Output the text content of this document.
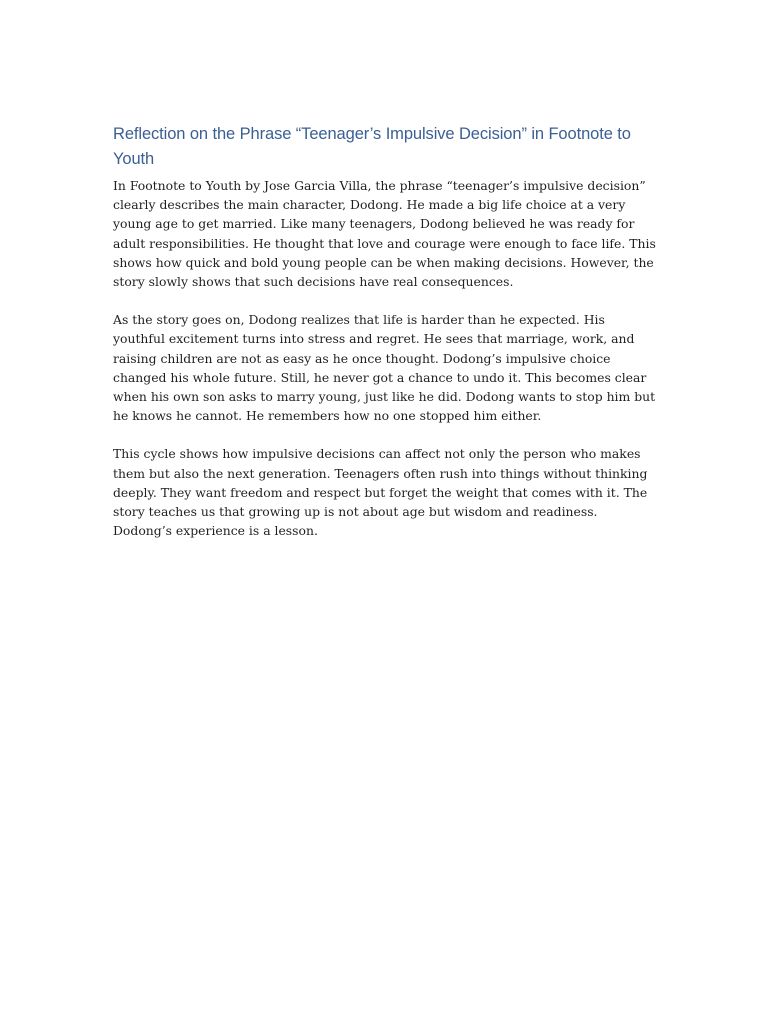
Reflection on the Phrase “Teenager’s Impulsive Decision” in Footnote to Youth

In Footnote to Youth by Jose Garcia Villa, the phrase “teenager’s impulsive decision” clearly describes the main character, Dodong. He made a big life choice at a very young age to get married. Like many teenagers, Dodong believed he was ready for adult responsibilities. He thought that love and courage were enough to face life. This shows how quick and bold young people can be when making decisions. However, the story slowly shows that such decisions have real consequences.

As the story goes on, Dodong realizes that life is harder than he expected. His youthful excitement turns into stress and regret. He sees that marriage, work, and raising children are not as easy as he once thought. Dodong’s impulsive choice changed his whole future. Still, he never got a chance to undo it. This becomes clear when his own son asks to marry young, just like he did. Dodong wants to stop him but he knows he cannot. He remembers how no one stopped him either.

This cycle shows how impulsive decisions can affect not only the person who makes them but also the next generation. Teenagers often rush into things without thinking deeply. They want freedom and respect but forget the weight that comes with it. The story teaches us that growing up is not about age but wisdom and readiness. Dodong’s experience is a lesson.
